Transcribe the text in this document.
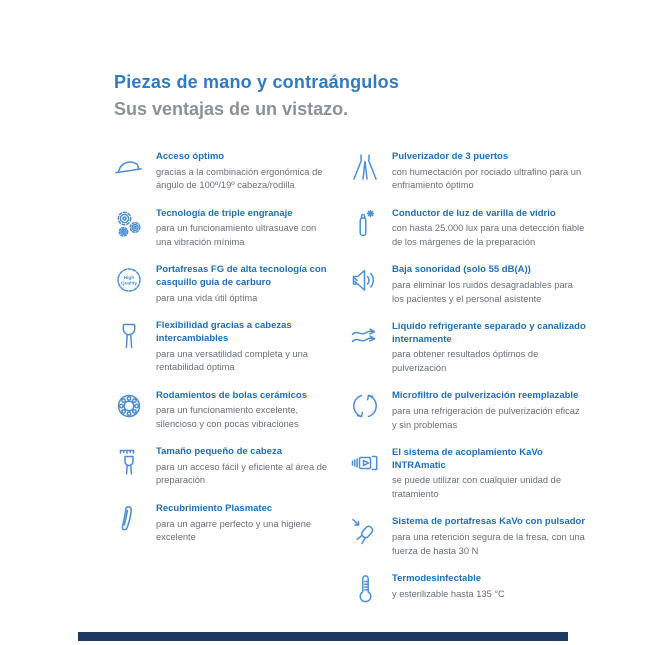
Piezas de mano y contraángulos
Sus ventajas de un vistazo.
Acceso óptimo
gracias a la combinación ergonómica de ángulo de 100º/19º cabeza/rodilla
Tecnología de triple engranaje
para un funcionamiento ultrasuave con una vibración mínima
High
Quality
Portafresas FG de alta tecnología con casquillo guía de carburo
para una vida útil óptima
Flexibilidad gracias a cabezas intercambiables
para una versatilidad completa y una rentabilidad óptima
Rodamientos de bolas cerámicos
para un funcionamiento excelente, silencioso y con pocas vibraciones
Tamaño pequeño de cabeza
para un acceso fácil y eficiente al área de preparación
Recubrimiento Plasmatec
para un agarre perfecto y una higiene excelente
Pulverizador de 3 puertos
con humectación por rociado ultrafino para un enfriamiento óptimo
Conductor de luz de varilla de vidrio
con hasta 25.000 lux para una detección fiable de los márgenes de la preparación
Baja sonoridad (solo 55 dB(A))
para eliminar los ruidos desagradables para los pacientes y el personal asistente
Líquido refrigerante separado y canalizado internamente
para obtener resultados óptimos de pulverización
Microfiltro de pulverización reemplazable
para una refrigeración de pulverización eficaz y sin problemas
El sistema de acoplamiento KaVo INTRAmatic
se puede utilizar con cualquier unidad de tratamiento
Sistema de portafresas KaVo con pulsador
para una retención segura de la fresa, con una fuerza de hasta 30 N
Termodesinfectable
y esterilizable hasta 135 °C
